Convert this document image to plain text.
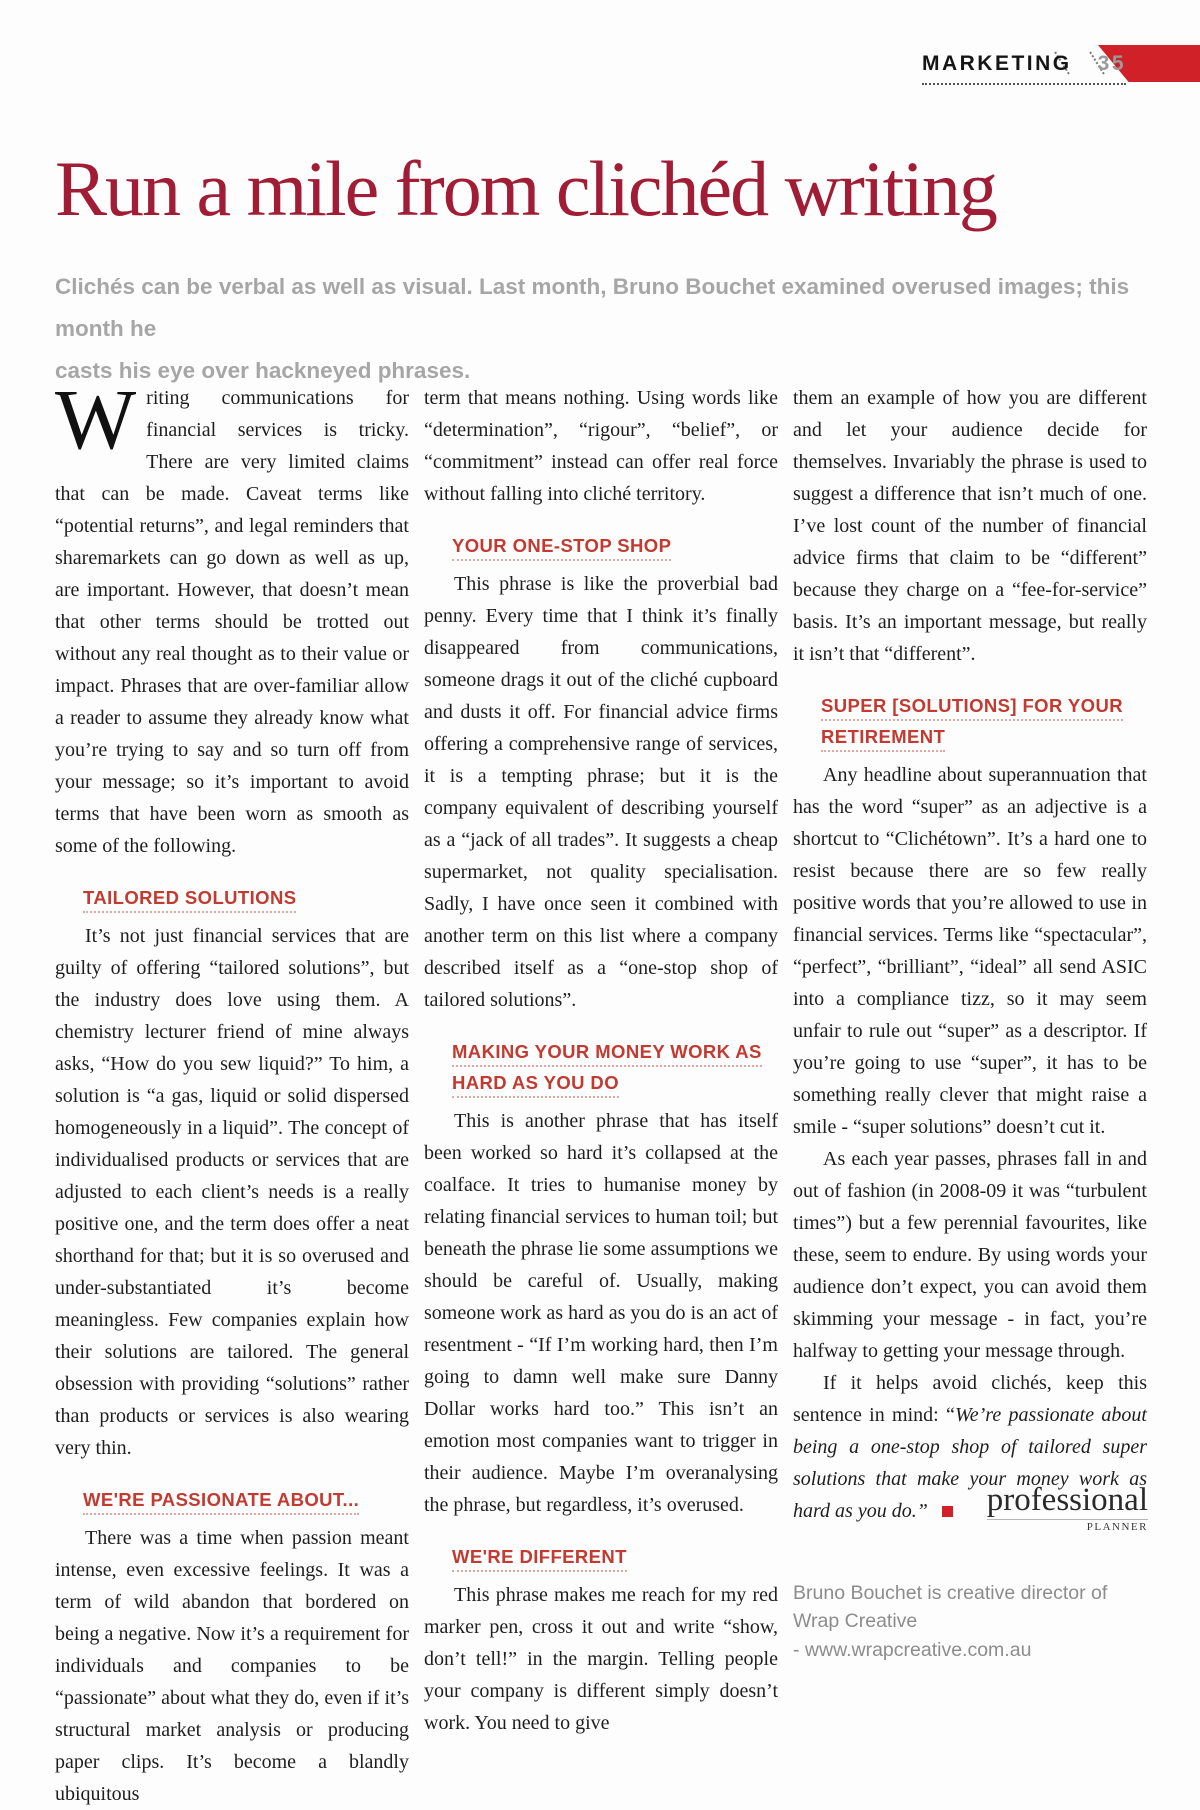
MARKETING 35
Run a mile from clichéd writing

Clichés can be verbal as well as visual. Last month, Bruno Bouchet examined overused images; this month he
casts his eye over hackneyed phrases.

Writing communications for financial services is tricky. There are very limited claims that can be made. Caveat terms like “potential returns”, and legal reminders that sharemarkets can go down as well as up, are important. However, that doesn’t mean that other terms should be trotted out without any real thought as to their value or impact. Phrases that are over-familiar allow a reader to assume they already know what you’re trying to say and so turn off from your message; so it’s important to avoid terms that have been worn as smooth as some of the following.

TAILORED SOLUTIONS

It’s not just financial services that are guilty of offering “tailored solutions”, but the industry does love using them. A chemistry lecturer friend of mine always asks, “How do you sew liquid?” To him, a solution is “a gas, liquid or solid dispersed homogeneously in a liquid”. The concept of individualised products or services that are adjusted to each client’s needs is a really positive one, and the term does offer a neat shorthand for that; but it is so overused and under-substantiated it’s become meaningless. Few companies explain how their solutions are tailored. The general obsession with providing “solutions” rather than products or services is also wearing very thin.

WE'RE PASSIONATE ABOUT...

There was a time when passion meant intense, even excessive feelings. It was a term of wild abandon that bordered on being a negative. Now it’s a requirement for individuals and companies to be “passionate” about what they do, even if it’s structural market analysis or producing paper clips. It’s become a blandly ubiquitous

term that means nothing. Using words like “determination”, “rigour”, “belief”, or “commitment” instead can offer real force without falling into cliché territory.

YOUR ONE-STOP SHOP

This phrase is like the proverbial bad penny. Every time that I think it’s finally disappeared from communications, someone drags it out of the cliché cupboard and dusts it off. For financial advice firms offering a comprehensive range of services, it is a tempting phrase; but it is the company equivalent of describing yourself as a “jack of all trades”. It suggests a cheap supermarket, not quality specialisation. Sadly, I have once seen it combined with another term on this list where a company described itself as a “one-stop shop of tailored solutions”.

MAKING YOUR MONEY WORK AS HARD AS YOU DO

This is another phrase that has itself been worked so hard it’s collapsed at the coalface. It tries to humanise money by relating financial services to human toil; but beneath the phrase lie some assumptions we should be careful of. Usually, making someone work as hard as you do is an act of resentment - “If I’m working hard, then I’m going to damn well make sure Danny Dollar works hard too.” This isn’t an emotion most companies want to trigger in their audience. Maybe I’m overanalysing the phrase, but regardless, it’s overused.

WE'RE DIFFERENT

This phrase makes me reach for my red marker pen, cross it out and write “show, don’t tell!” in the margin. Telling people your company is different simply doesn’t work. You need to give

them an example of how you are different and let your audience decide for themselves. Invariably the phrase is used to suggest a difference that isn’t much of one. I’ve lost count of the number of financial advice firms that claim to be “different” because they charge on a “fee-for-service” basis. It’s an important message, but really it isn’t that “different”.

SUPER [SOLUTIONS] FOR YOUR RETIREMENT

Any headline about superannuation that has the word “super” as an adjective is a shortcut to “Clichétown”. It’s a hard one to resist because there are so few really positive words that you’re allowed to use in financial services. Terms like “spectacular”, “perfect”, “brilliant”, “ideal” all send ASIC into a compliance tizz, so it may seem unfair to rule out “super” as a descriptor. If you’re going to use “super”, it has to be something really clever that might raise a smile - “super solutions” doesn’t cut it.

As each year passes, phrases fall in and out of fashion (in 2008-09 it was “turbulent times”) but a few perennial favourites, like these, seem to endure. By using words your audience don’t expect, you can avoid them skimming your message - in fact, you’re halfway to getting your message through.

If it helps avoid clichés, keep this sentence in mind: “We’re passionate about being a one-stop shop of tailored super solutions that make your money work as hard as you do.”

Bruno Bouchet is creative director of Wrap Creative
- www.wrapcreative.com.au

professional
PLANNER
